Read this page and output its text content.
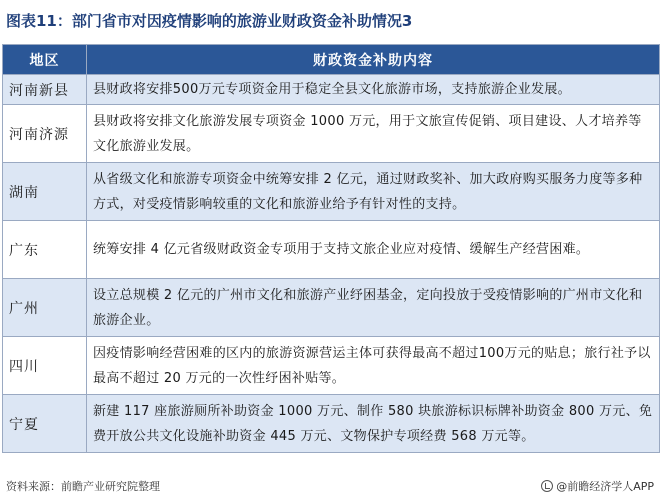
图表11：部门省市对因疫情影响的旅游业财政资金补助情况3
地区	财政资金补助内容
河南新县	县财政将安排500万元专项资金用于稳定全县文化旅游市场，支持旅游企业发展。
河南济源	县财政将安排文化旅游发展专项资金 1000 万元，用于文旅宣传促销、项目建设、人才培养等文化旅游业发展。
湖南	从省级文化和旅游专项资金中统筹安排 2 亿元，通过财政奖补、加大政府购买服务力度等多种方式，对受疫情影响较重的文化和旅游业给予有针对性的支持。
广东	统筹安排 4 亿元省级财政资金专项用于支持文旅企业应对疫情、缓解生产经营困难。
广州	设立总规模 2 亿元的广州市文化和旅游产业纾困基金，定向投放于受疫情影响的广州市文化和旅游企业。
四川	因疫情影响经营困难的区内的旅游资源营运主体可获得最高不超过100万元的贴息；旅行社予以最高不超过 20 万元的一次性纾困补贴等。
宁夏	新建 117 座旅游厕所补助资金 1000 万元、制作 580 块旅游标识标牌补助资金 800 万元、免费开放公共文化设施补助资金 445 万元、文物保护专项经费 568 万元等。
资料来源：前瞻产业研究院整理	@前瞻经济学人APP
